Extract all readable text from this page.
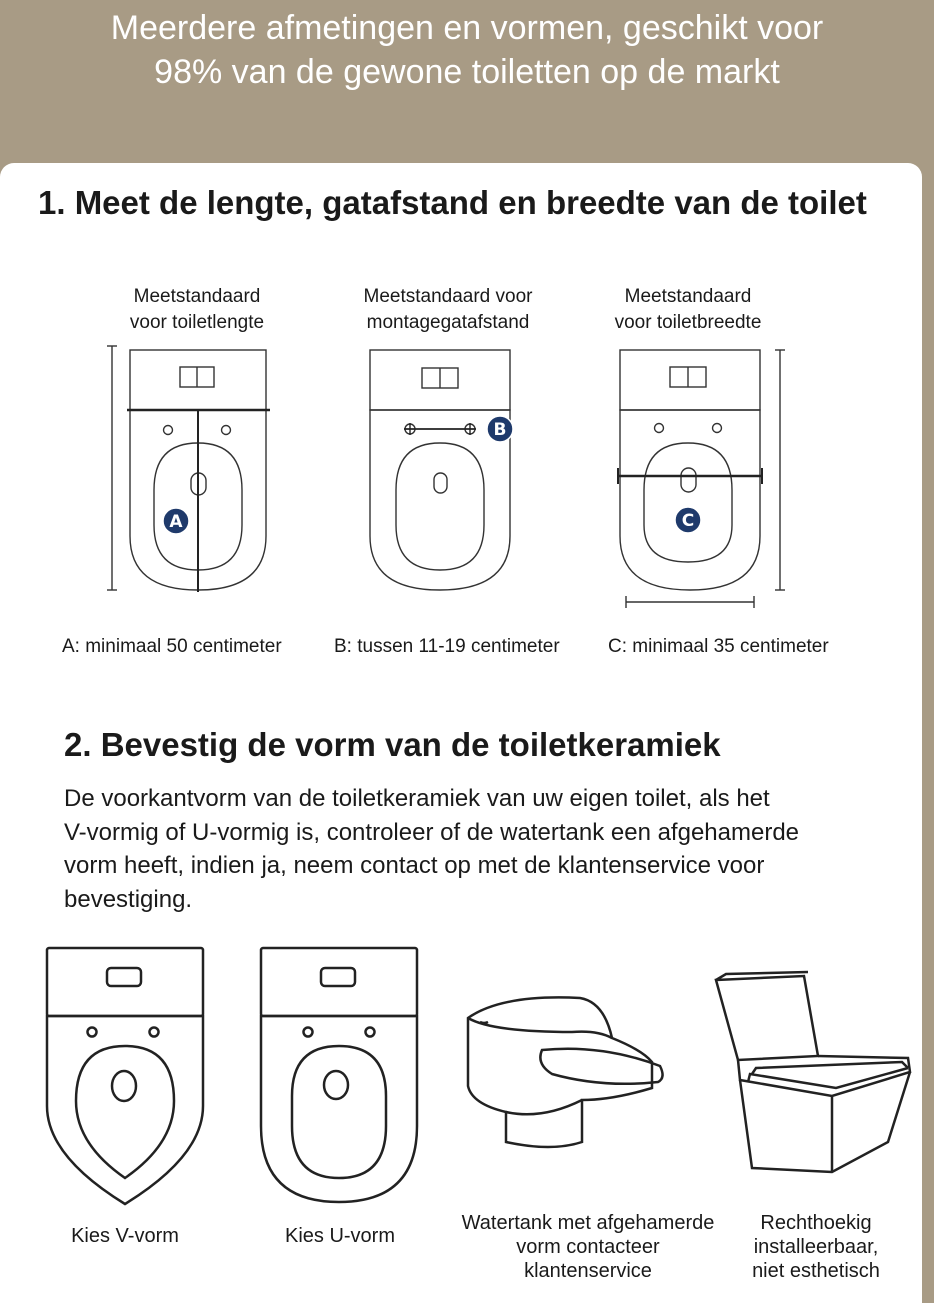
Meerdere afmetingen en vormen, geschikt voor
98% van de gewone toiletten op de markt
1. Meet de lengte, gatafstand en breedte van de toilet
Meetstandaard
voor toiletlengte
Meetstandaard voor
montagegatafstand
Meetstandaard
voor toiletbreedte
A
B
C
A: minimaal 50 centimeter	B: tussen 11-19 centimeter	C: minimaal 35 centimeter
2. Bevestig de vorm van de toiletkeramiek
De voorkantvorm van de toiletkeramiek van uw eigen toilet, als het
V-vormig of U-vormig is, controleer of de watertank een afgehamerde
vorm heeft, indien ja, neem contact op met de klantenservice voor
bevestiging.
Kies V-vorm	Kies U-vorm
Watertank met afgehamerde
vorm contacteer
klantenservice
Rechthoekig
installeerbaar,
niet esthetisch
